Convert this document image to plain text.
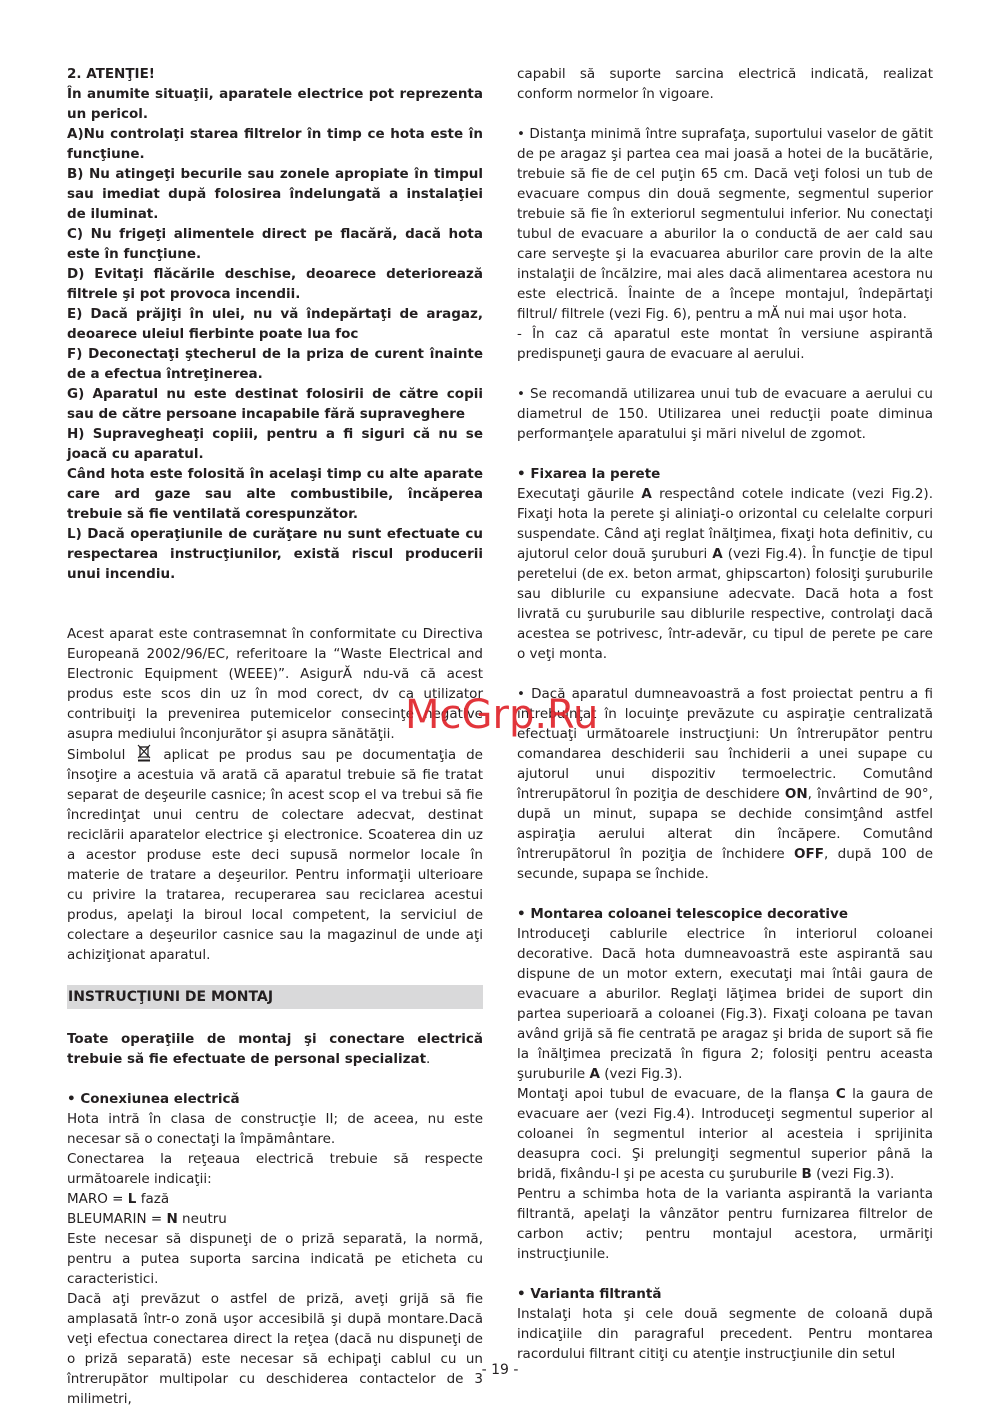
2. ATENŢIE!

În anumite situaţii, aparatele electrice pot reprezenta un pericol.

A)Nu controlaţi starea filtrelor în timp ce hota este în funcţiune.

B) Nu atingeţi becurile sau zonele apropiate în timpul sau imediat după folosirea îndelungată a instalaţiei de iluminat.

C) Nu frigeţi alimentele direct pe flacără, dacă hota este în funcţiune.

D) Evitaţi flăcările deschise, deoarece deteriorează filtrele şi pot provoca incendii.

E) Dacă prăjiţi în ulei, nu vă îndepărtaţi de aragaz, deoarece uleiul fierbinte poate lua foc

F) Deconectaţi ştecherul de la priza de curent înainte de a efectua întreţinerea.

G) Aparatul nu este destinat folosirii de către copii sau de către persoane incapabile fără supraveghere

H) Supravegheaţi copiii, pentru a fi siguri că nu se joacă cu aparatul.

Când hota este folosită în acelaşi timp cu alte aparate care ard gaze sau alte combustibile, încăperea trebuie să fie ventilată corespunzător.

L) Dacă operaţiunile de curăţare nu sunt efectuate cu respectarea instrucţiunilor, există riscul producerii unui incendiu.

Acest aparat este contrasemnat în conformitate cu Directiva Europeană 2002/96/EC, referitoare la “Waste Electrical and Electronic Equipment (WEEE)”. AsigurĂ ndu-vă că acest produs este scos din uz în mod corect, dv ca utilizator contribuiţi la prevenirea putemicelor consecinţe negative asupra mediului înconjurător şi asupra sănătăţii.

Simbolul	aplicat pe produs sau pe documentaţia de însoţire a acestuia vă arată că aparatul trebuie să fie tratat separat de deşeurile casnice; în acest scop el va trebui să fie încredinţat unui centru de colectare adecvat, destinat reciclării aparatelor electrice şi electronice. Scoaterea din uz a acestor produse este deci supusă normelor locale în materie de tratare a deşeurilor. Pentru informaţii ulterioare cu privire la tratarea, recuperarea sau reciclarea acestui produs, apelaţi la biroul local competent, la serviciul de colectare a deşeurilor casnice sau la magazinul de unde aţi achiziţionat aparatul.

INSTRUCŢIUNI DE MONTAJ

Toate operaţiile de montaj şi conectare electrică trebuie să fie efectuate de personal specializat.

• Conexiunea electrică

Hota intră în clasa de construcţie II; de aceea, nu este necesar să o conectaţi la împământare.

Conectarea la reţeaua electrică trebuie să respecte următoarele indicaţii:

MARO = L fază

BLEUMARIN = N neutru

Este necesar să dispuneţi de o priză separată, la normă, pentru a putea suporta sarcina indicată pe eticheta cu caracteristici.

Dacă aţi prevăzut o astfel de priză, aveţi grijă să fie amplasată într-o zonă uşor accesibilă şi după montare.Dacă veţi efectua conectarea direct la reţea (dacă nu dispuneţi de o priză separată) este necesar să echipaţi cablul cu un întrerupător multipolar cu deschiderea contactelor de 3 milimetri,

capabil să suporte sarcina electrică indicată, realizat conform normelor în vigoare.

• Distanţa minimă între suprafaţa, suportului vaselor de gătit de pe aragaz şi partea cea mai joasă a hotei de la bucătărie, trebuie să fie de cel puţin 65 cm. Dacă veţi folosi un tub de evacuare compus din două segmente, segmentul superior trebuie să fie în exteriorul segmentului inferior. Nu conectaţi tubul de evacuare a aburilor la o conductă de aer cald sau care serveşte şi la evacuarea aburilor care provin de la alte instalaţii de încălzire, mai ales dacă alimentarea acestora nu este electrică. Înainte de a începe montajul, îndepărtaţi filtrul/ filtrele (vezi Fig. 6), pentru a mĂ nui mai uşor hota.

- În caz că aparatul este montat în versiune aspirantă predispuneţi gaura de evacuare al aerului.

• Se recomandă utilizarea unui tub de evacuare a aerului cu diametrul de 150. Utilizarea unei reducţii poate diminua performanţele aparatului şi mări nivelul de zgomot.

• Fixarea la perete

Executaţi găurile A respectând cotele indicate (vezi Fig.2). Fixaţi hota la perete şi aliniaţi-o orizontal cu celelalte corpuri suspendate. Când aţi reglat înălţimea, fixaţi hota definitiv, cu ajutorul celor două şuruburi A (vezi Fig.4). În funcţie de tipul peretelui (de ex. beton armat, ghipscarton) folosiţi şuruburile sau diblurile cu expansiune adecvate. Dacă hota a fost livrată cu şuruburile sau diblurile respective, controlaţi dacă acestea se potrivesc, într-adevăr, cu tipul de perete pe care o veţi monta.

• Dacă aparatul dumneavoastră a fost proiectat pentru a fi întrebuinţat în locuinţe prevăzute cu aspiraţie centralizată efectuaţi următoarele instrucţiuni: Un întrerupător pentru comandarea deschiderii sau închiderii a unei supape cu ajutorul unui dispozitiv termoelectric. Comutând întrerupătorul în poziţia de deschidere ON, învârtind de 90°, după un minut, supapa se dechide consimţând astfel aspiraţia aerului alterat din încăpere. Comutând întrerupătorul în poziţia de închidere OFF, după 100 de secunde, supapa se închide.

• Montarea coloanei telescopice decorative

Introduceţi cablurile electrice în interiorul coloanei decorative. Dacă hota dumneavoastră este aspirantă sau dispune de un motor extern, executaţi mai întâi gaura de evacuare a aburilor. Reglaţi lăţimea bridei de suport din partea superioară a coloanei (Fig.3). Fixaţi coloana pe tavan având grijă să fie centrată pe aragaz şi brida de suport să fie la înălţimea precizată în figura 2; folosiţi pentru aceasta şuruburile A (vezi Fig.3).

Montaţi apoi tubul de evacuare, de la flanşa C la gaura de evacuare aer (vezi Fig.4). Introduceţi segmentul superior al coloanei în segmentul interior al acesteia i sprijinita deasupra coci. Şi prelungiţi segmentul superior până la bridă, fixându-l şi pe acesta cu şuruburile B (vezi Fig.3).

Pentru a schimba hota de la varianta aspirantă la varianta filtrantă, apelaţi la vânzător pentru furnizarea filtrelor de carbon activ; pentru montajul acestora, urmăriţi instrucţiunile.

• Varianta filtrantă

Instalaţi hota şi cele două segmente de coloană după indicaţiile din paragraful precedent. Pentru montarea racordului filtrant citiţi cu atenţie instrucţiunile din setul

McGrp.Ru
- 19 -
